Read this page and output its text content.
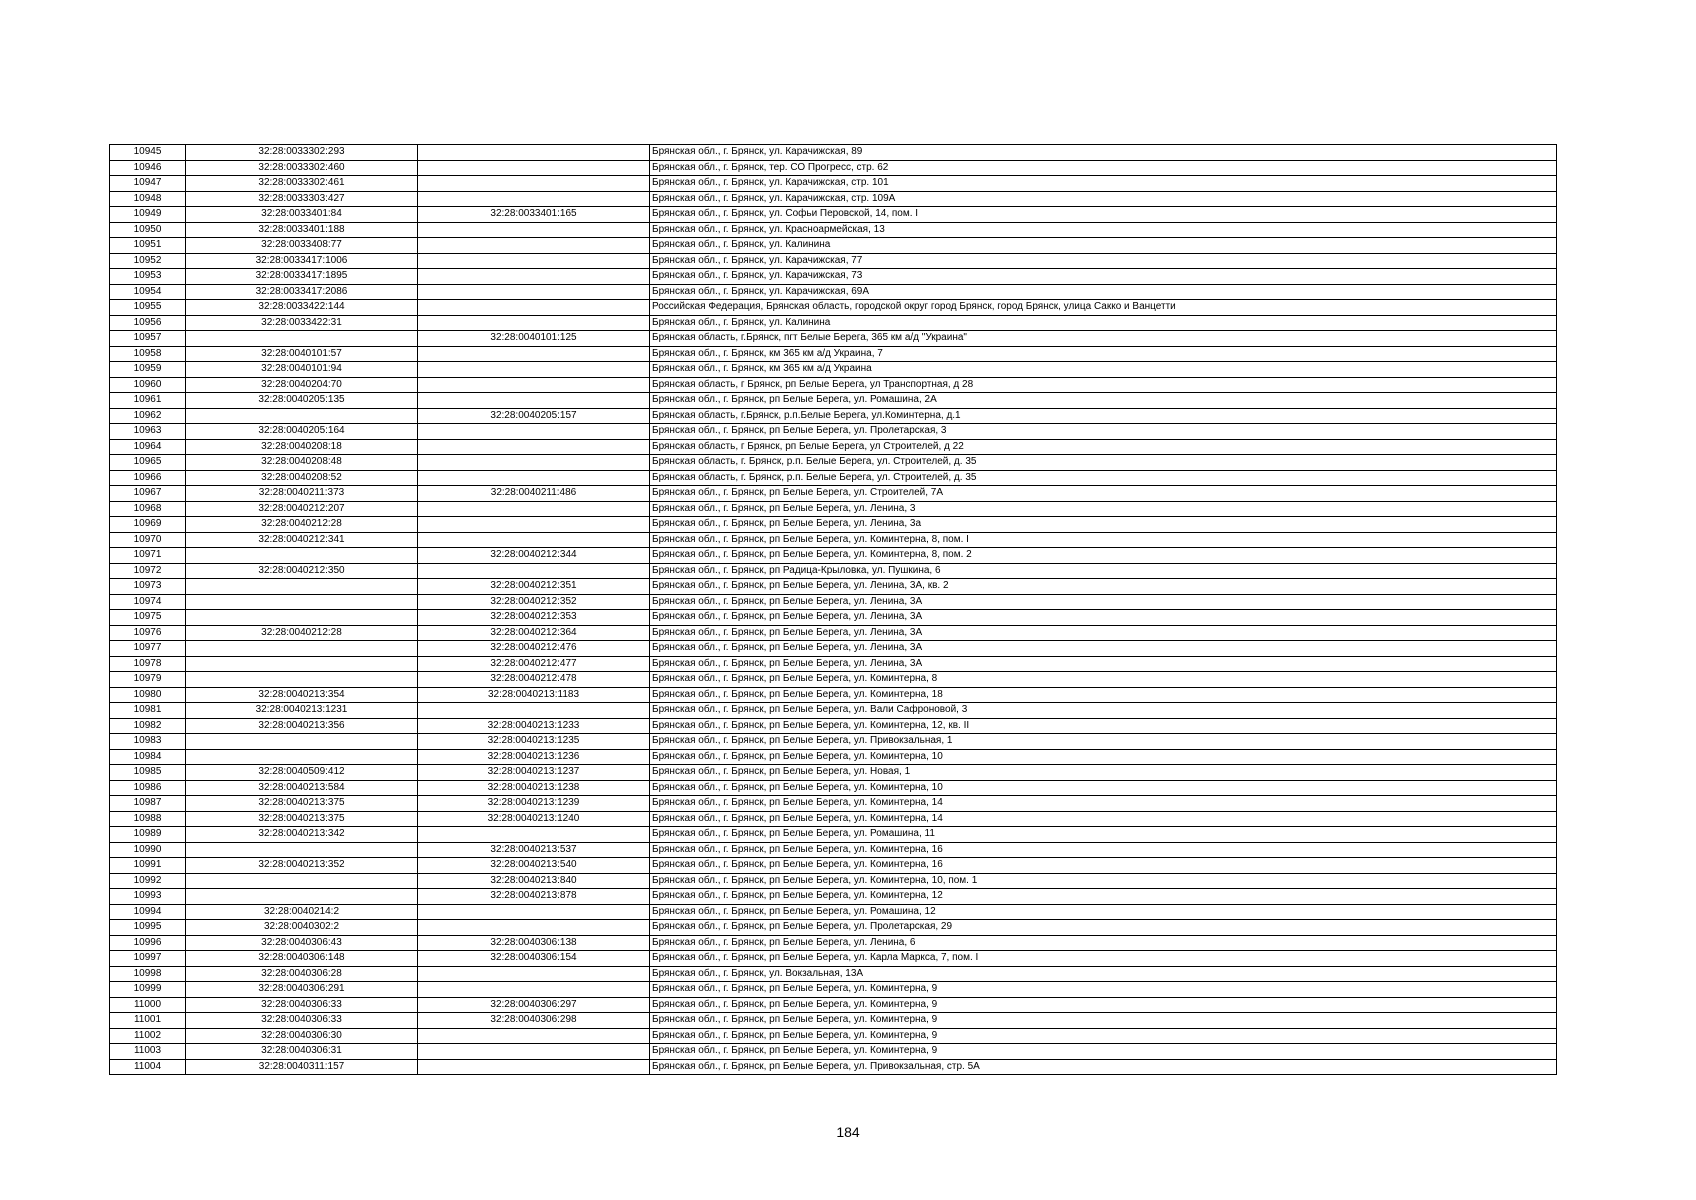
10945	32:28:0033302:293		Брянская обл., г. Брянск, ул. Карачижская, 89
10946	32:28:0033302:460		Брянская обл., г. Брянск, тер. СО Прогресс, стр. 62
10947	32:28:0033302:461		Брянская обл., г. Брянск, ул. Карачижская, стр. 101
10948	32:28:0033303:427		Брянская обл., г. Брянск, ул. Карачижская, стр. 109А
10949	32:28:0033401:84	32:28:0033401:165	Брянская обл., г. Брянск, ул. Софьи Перовской, 14, пом. I
10950	32:28:0033401:188		Брянская обл., г. Брянск, ул. Красноармейская, 13
10951	32:28:0033408:77		Брянская обл., г. Брянск, ул. Калинина
10952	32:28:0033417:1006		Брянская обл., г. Брянск, ул. Карачижская, 77
10953	32:28:0033417:1895		Брянская обл., г. Брянск, ул. Карачижская, 73
10954	32:28:0033417:2086		Брянская обл., г. Брянск, ул. Карачижская, 69А
10955	32:28:0033422:144		Российская Федерация, Брянская область, городской округ город Брянск, город Брянск, улица Сакко и Ванцетти
10956	32:28:0033422:31		Брянская обл., г. Брянск, ул. Калинина
10957		32:28:0040101:125	Брянская область, г.Брянск, пгт Белые Берега, 365 км а/д "Украина"
10958	32:28:0040101:57		Брянская обл., г. Брянск, км 365 км а/д Украина, 7
10959	32:28:0040101:94		Брянская обл., г. Брянск, км 365 км а/д Украина
10960	32:28:0040204:70		Брянская область, г Брянск, рп Белые Берега, ул Транспортная, д 28
10961	32:28:0040205:135		Брянская обл., г. Брянск, рп Белые Берега, ул. Ромашина, 2А
10962		32:28:0040205:157	Брянская область, г.Брянск, р.п.Белые Берега, ул.Коминтерна, д.1
10963	32:28:0040205:164		Брянская обл., г. Брянск, рп Белые Берега, ул. Пролетарская, 3
10964	32:28:0040208:18		Брянская область, г Брянск, рп Белые Берега, ул Строителей, д 22
10965	32:28:0040208:48		Брянская область, г. Брянск, р.п. Белые Берега, ул. Строителей, д. 35
10966	32:28:0040208:52		Брянская область, г. Брянск, р.п. Белые Берега, ул. Строителей, д. 35
10967	32:28:0040211:373	32:28:0040211:486	Брянская обл., г. Брянск, рп Белые Берега, ул. Строителей, 7А
10968	32:28:0040212:207		Брянская обл., г. Брянск, рп Белые Берега, ул. Ленина, 3
10969	32:28:0040212:28		Брянская обл., г. Брянск, рп Белые Берега, ул. Ленина, 3а
10970	32:28:0040212:341		Брянская обл., г. Брянск, рп Белые Берега, ул. Коминтерна, 8, пом. I
10971		32:28:0040212:344	Брянская обл., г. Брянск, рп Белые Берега, ул. Коминтерна, 8, пом. 2
10972	32:28:0040212:350		Брянская обл., г. Брянск, рп Радица-Крыловка, ул. Пушкина, 6
10973		32:28:0040212:351	Брянская обл., г. Брянск, рп Белые Берега, ул. Ленина, 3А, кв. 2
10974		32:28:0040212:352	Брянская обл., г. Брянск, рп Белые Берега, ул. Ленина, 3А
10975		32:28:0040212:353	Брянская обл., г. Брянск, рп Белые Берега, ул. Ленина, 3А
10976	32:28:0040212:28	32:28:0040212:364	Брянская обл., г. Брянск, рп Белые Берега, ул. Ленина, 3А
10977		32:28:0040212:476	Брянская обл., г. Брянск, рп Белые Берега, ул. Ленина, 3А
10978		32:28:0040212:477	Брянская обл., г. Брянск, рп Белые Берега, ул. Ленина, 3А
10979		32:28:0040212:478	Брянская обл., г. Брянск, рп Белые Берега, ул. Коминтерна, 8
10980	32:28:0040213:354	32:28:0040213:1183	Брянская обл., г. Брянск, рп Белые Берега, ул. Коминтерна, 18
10981	32:28:0040213:1231		Брянская обл., г. Брянск, рп Белые Берега, ул. Вали Сафроновой, 3
10982	32:28:0040213:356	32:28:0040213:1233	Брянская обл., г. Брянск, рп Белые Берега, ул. Коминтерна, 12, кв. II
10983		32:28:0040213:1235	Брянская обл., г. Брянск, рп Белые Берега, ул. Привокзальная, 1
10984		32:28:0040213:1236	Брянская обл., г. Брянск, рп Белые Берега, ул. Коминтерна, 10
10985	32:28:0040509:412	32:28:0040213:1237	Брянская обл., г. Брянск, рп Белые Берега, ул. Новая, 1
10986	32:28:0040213:584	32:28:0040213:1238	Брянская обл., г. Брянск, рп Белые Берега, ул. Коминтерна, 10
10987	32:28:0040213:375	32:28:0040213:1239	Брянская обл., г. Брянск, рп Белые Берега, ул. Коминтерна, 14
10988	32:28:0040213:375	32:28:0040213:1240	Брянская обл., г. Брянск, рп Белые Берега, ул. Коминтерна, 14
10989	32:28:0040213:342		Брянская обл., г. Брянск, рп Белые Берега, ул. Ромашина, 11
10990		32:28:0040213:537	Брянская обл., г. Брянск, рп Белые Берега, ул. Коминтерна, 16
10991	32:28:0040213:352	32:28:0040213:540	Брянская обл., г. Брянск, рп Белые Берега, ул. Коминтерна, 16
10992		32:28:0040213:840	Брянская обл., г. Брянск, рп Белые Берега, ул. Коминтерна, 10, пом. 1
10993		32:28:0040213:878	Брянская обл., г. Брянск, рп Белые Берега, ул. Коминтерна, 12
10994	32:28:0040214:2		Брянская обл., г. Брянск, рп Белые Берега, ул. Ромашина, 12
10995	32:28:0040302:2		Брянская обл., г. Брянск, рп Белые Берега, ул. Пролетарская, 29
10996	32:28:0040306:43	32:28:0040306:138	Брянская обл., г. Брянск, рп Белые Берега, ул. Ленина, 6
10997	32:28:0040306:148	32:28:0040306:154	Брянская обл., г. Брянск, рп Белые Берега, ул. Карла Маркса, 7, пом. I
10998	32:28:0040306:28		Брянская обл., г. Брянск, ул. Вокзальная, 13А
10999	32:28:0040306:291		Брянская обл., г. Брянск, рп Белые Берега, ул. Коминтерна, 9
11000	32:28:0040306:33	32:28:0040306:297	Брянская обл., г. Брянск, рп Белые Берега, ул. Коминтерна, 9
11001	32:28:0040306:33	32:28:0040306:298	Брянская обл., г. Брянск, рп Белые Берега, ул. Коминтерна, 9
11002	32:28:0040306:30		Брянская обл., г. Брянск, рп Белые Берега, ул. Коминтерна, 9
11003	32:28:0040306:31		Брянская обл., г. Брянск, рп Белые Берега, ул. Коминтерна, 9
11004	32:28:0040311:157		Брянская обл., г. Брянск, рп Белые Берега, ул. Привокзальная, стр. 5А
184
